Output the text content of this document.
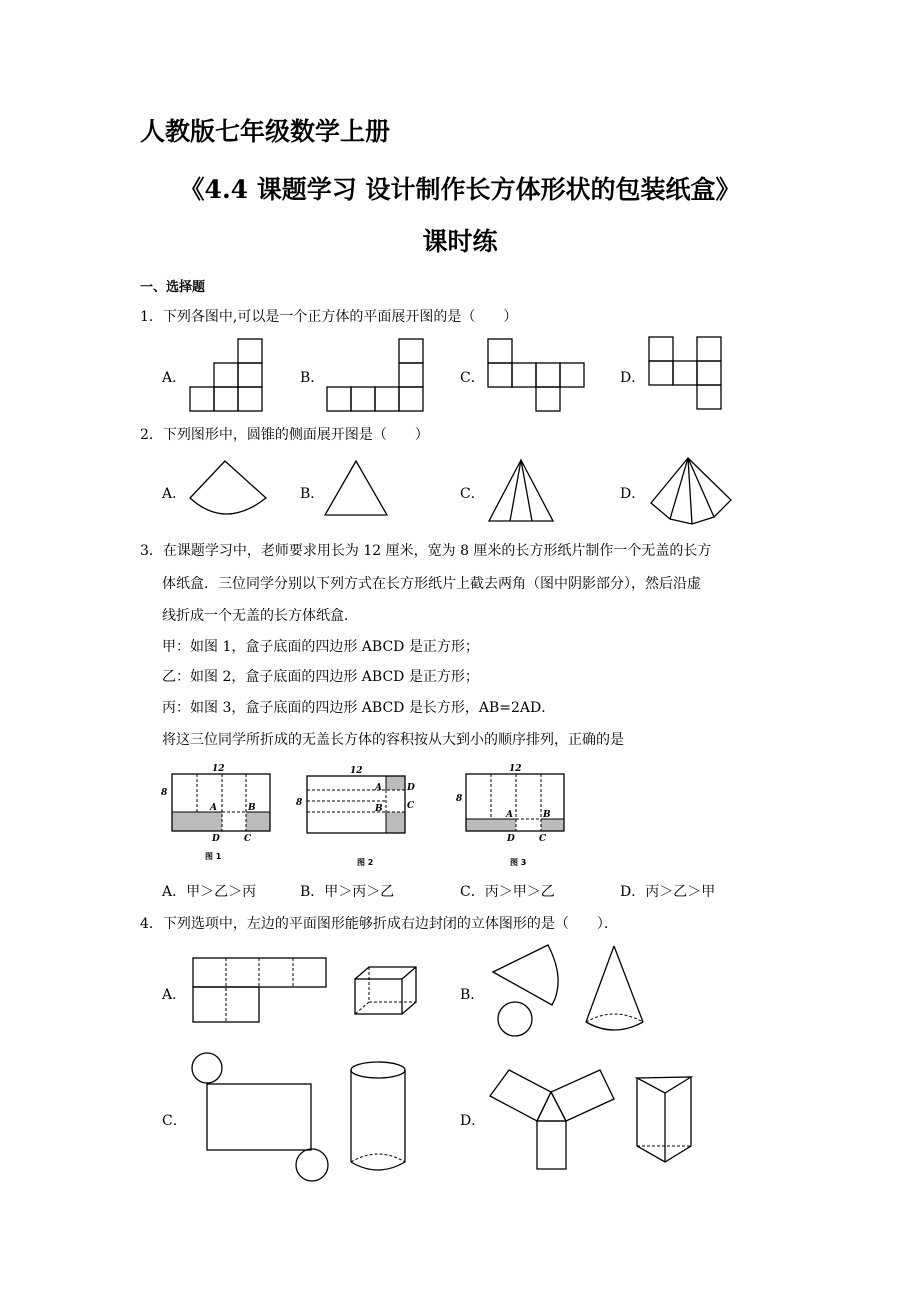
人教版七年级数学上册
《4.4 课题学习 设计制作长方体形状的包装纸盒》
课时练
一、选择题
1．下列各图中,可以是一个正方体的平面展开图的是（　　）
A．	B．	C．	D．
2．下列图形中，圆锥的侧面展开图是（　　）
A．	B．	C．	D．
3．在课题学习中，老师要求用长为 12 厘米，宽为 8 厘米的长方形纸片制作一个无盖的长方
体纸盒．三位同学分别以下列方式在长方形纸片上截去两角（图中阴影部分），然后沿虚
线折成一个无盖的长方体纸盒．
甲：如图 1，盒子底面的四边形 ABCD 是正方形；
乙：如图 2，盒子底面的四边形 ABCD 是正方形；
丙：如图 3，盒子底面的四边形 ABCD 是长方形，AB=2AD．
将这三位同学所折成的无盖长方体的容积按从大到小的顺序排列，正确的是
A．甲＞乙＞丙	B．甲＞丙＞乙	C．丙＞甲＞乙	D．丙＞乙＞甲
4．下列选项中，左边的平面图形能够折成右边封闭的立体图形的是（　　）．
A．	B．
C．	D．
12
8
A	B
D	C
图 1
12
8
A	D
B	C
图 2
12
8
A	B
D	C
图 3
